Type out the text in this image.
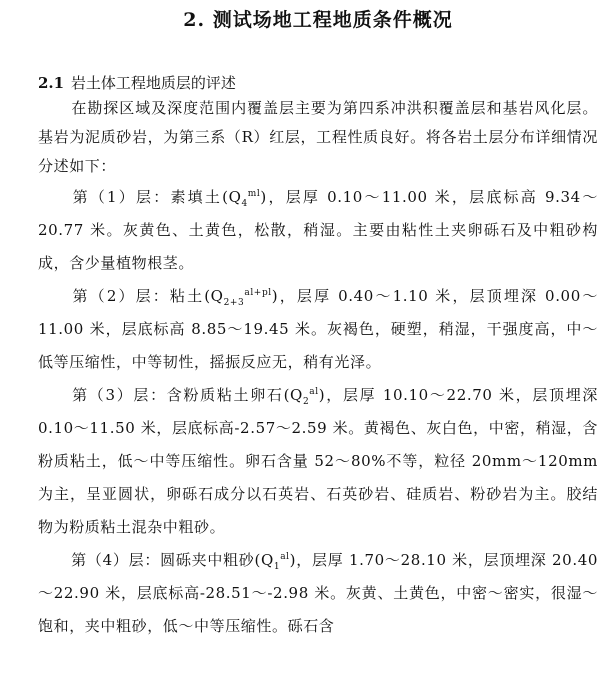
2. 测试场地工程地质条件概况
2.1 岩土体工程地质层的评述

在勘探区域及深度范围内覆盖层主要为第四系冲洪积覆盖层和基岩风化层。基岩为泥质砂岩，为第三系（R）红层，工程性质良好。将各岩土层分布详细情况分述如下：

第（1）层：素填土$(Q_4^{ml})$，层厚 0.10～11.00 米，层底标高 9.34～20.77 米。灰黄色、土黄色，松散，稍湿。主要由粘性土夹卵砾石及中粗砂构成，含少量植物根茎。

第（2）层：粘土$(Q_{2+3}^{al+pl})$，层厚 0.40～1.10 米，层顶埋深 0.00～11.00 米，层底标高 8.85～19.45 米。灰褐色，硬塑，稍湿，干强度高，中～低等压缩性，中等韧性，摇振反应无，稍有光泽。

第（3）层：含粉质粘土卵石$(Q_2^{al})$，层厚 10.10～22.70 米，层顶埋深 0.10～11.50 米，层底标高-2.57～2.59 米。黄褐色、灰白色，中密，稍湿，含粉质粘土，低～中等压缩性。卵石含量 52～80%不等，粒径 20mm～120mm 为主，呈亚圆状，卵砾石成分以石英岩、石英砂岩、硅质岩、粉砂岩为主。胶结物为粉质粘土混杂中粗砂。

第（4）层：圆砾夹中粗砂$(Q_1^{al})$，层厚 1.70～28.10 米，层顶埋深 20.40～22.90 米，层底标高-28.51～-2.98 米。灰黄、土黄色，中密～密实，很湿～饱和，夹中粗砂，低～中等压缩性。砾石含
